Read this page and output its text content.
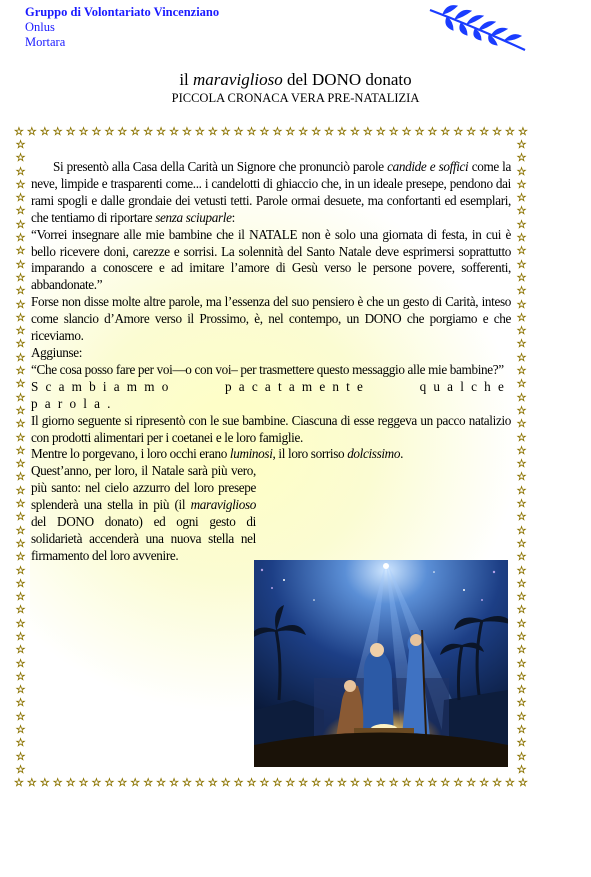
Gruppo di Volontariato Vincenziano
Onlus
Mortara
il maraviglioso del DONO donato
PICCOLA CRONACA VERA PRE-NATALIZIA
☆ ☆ ☆ ☆ ☆ ☆ ☆ ☆ ☆ ☆ ☆ ☆ ☆ ☆ ☆ ☆ ☆ ☆ ☆ ☆ ☆ ☆ ☆ ☆ ☆ ☆ ☆ ☆ ☆ ☆ ☆ ☆ ☆ ☆ ☆ ☆ ☆ ☆ ☆ ☆
☆ ☆ ☆ ☆ ☆ ☆ ☆ ☆ ☆ ☆ ☆ ☆ ☆ ☆ ☆ ☆ ☆ ☆ ☆ ☆ ☆ ☆ ☆ ☆ ☆ ☆ ☆ ☆ ☆ ☆ ☆ ☆ ☆ ☆ ☆ ☆ ☆ ☆ ☆ ☆
☆
☆
☆
☆
☆
☆
☆
☆
☆
☆
☆
☆
☆
☆
☆
☆
☆
☆
☆
☆
☆
☆
☆
☆
☆
☆
☆
☆
☆
☆
☆
☆
☆
☆
☆
☆
☆
☆
☆
☆
☆
☆
☆
☆
☆
☆
☆
☆
☆
☆
☆
☆
☆
☆
☆
☆
☆
☆
☆
☆
☆
☆
☆
☆
☆
☆
☆
☆
☆
☆
☆
☆
☆
☆
☆
☆
☆
☆
☆
☆
☆
☆
☆
☆
☆
☆
☆
☆
☆
☆
☆
☆
☆
☆
☆
☆

Si presentò alla Casa della Carità un Signore che pronunciò parole candide e soffici come la neve, limpide e trasparenti come... i candelotti di ghiaccio che, in un ideale presepe, pendono dai rami spogli e dalle grondaie dei vetusti tetti. Parole ormai desuete, ma confortanti ed esemplari, che tentiamo di riportare senza sciuparle:

“Vorrei insegnare alle mie bambine che il NATALE non è solo una giornata di festa, in cui è bello ricevere doni, carezze e sorrisi. La solennità del Santo Natale deve esprimersi soprattutto imparando a conoscere e ad imitare l’amore di Gesù verso le persone povere, sofferenti, abbandonate.”

Forse non disse molte altre parole, ma l’essenza del suo pensiero è che un gesto di Carità, inteso come slancio d’Amore verso il Prossimo, è, nel contempo, un DONO che porgiamo e che riceviamo.

Aggiunse:

“Che cosa posso fare per voi—o con voi– per trasmettere questo messaggio alle mie bambine?”

Scambiammo pacatamente qualche parola.

Il giorno seguente si ripresentò con le sue bambine. Ciascuna di esse reggeva un pacco natalizio con prodotti alimentari per i coetanei e le loro famiglie.

Mentre lo porgevano, i loro occhi erano luminosi, il loro sorriso dolcissimo.

Quest’anno, per loro, il Natale sarà più vero, più santo: nel cielo azzurro del loro presepe splenderà una stella in più (il maraviglioso del DONO donato) ed ogni gesto di solidarietà accenderà una nuova stella nel firmamento del loro avvenire.
